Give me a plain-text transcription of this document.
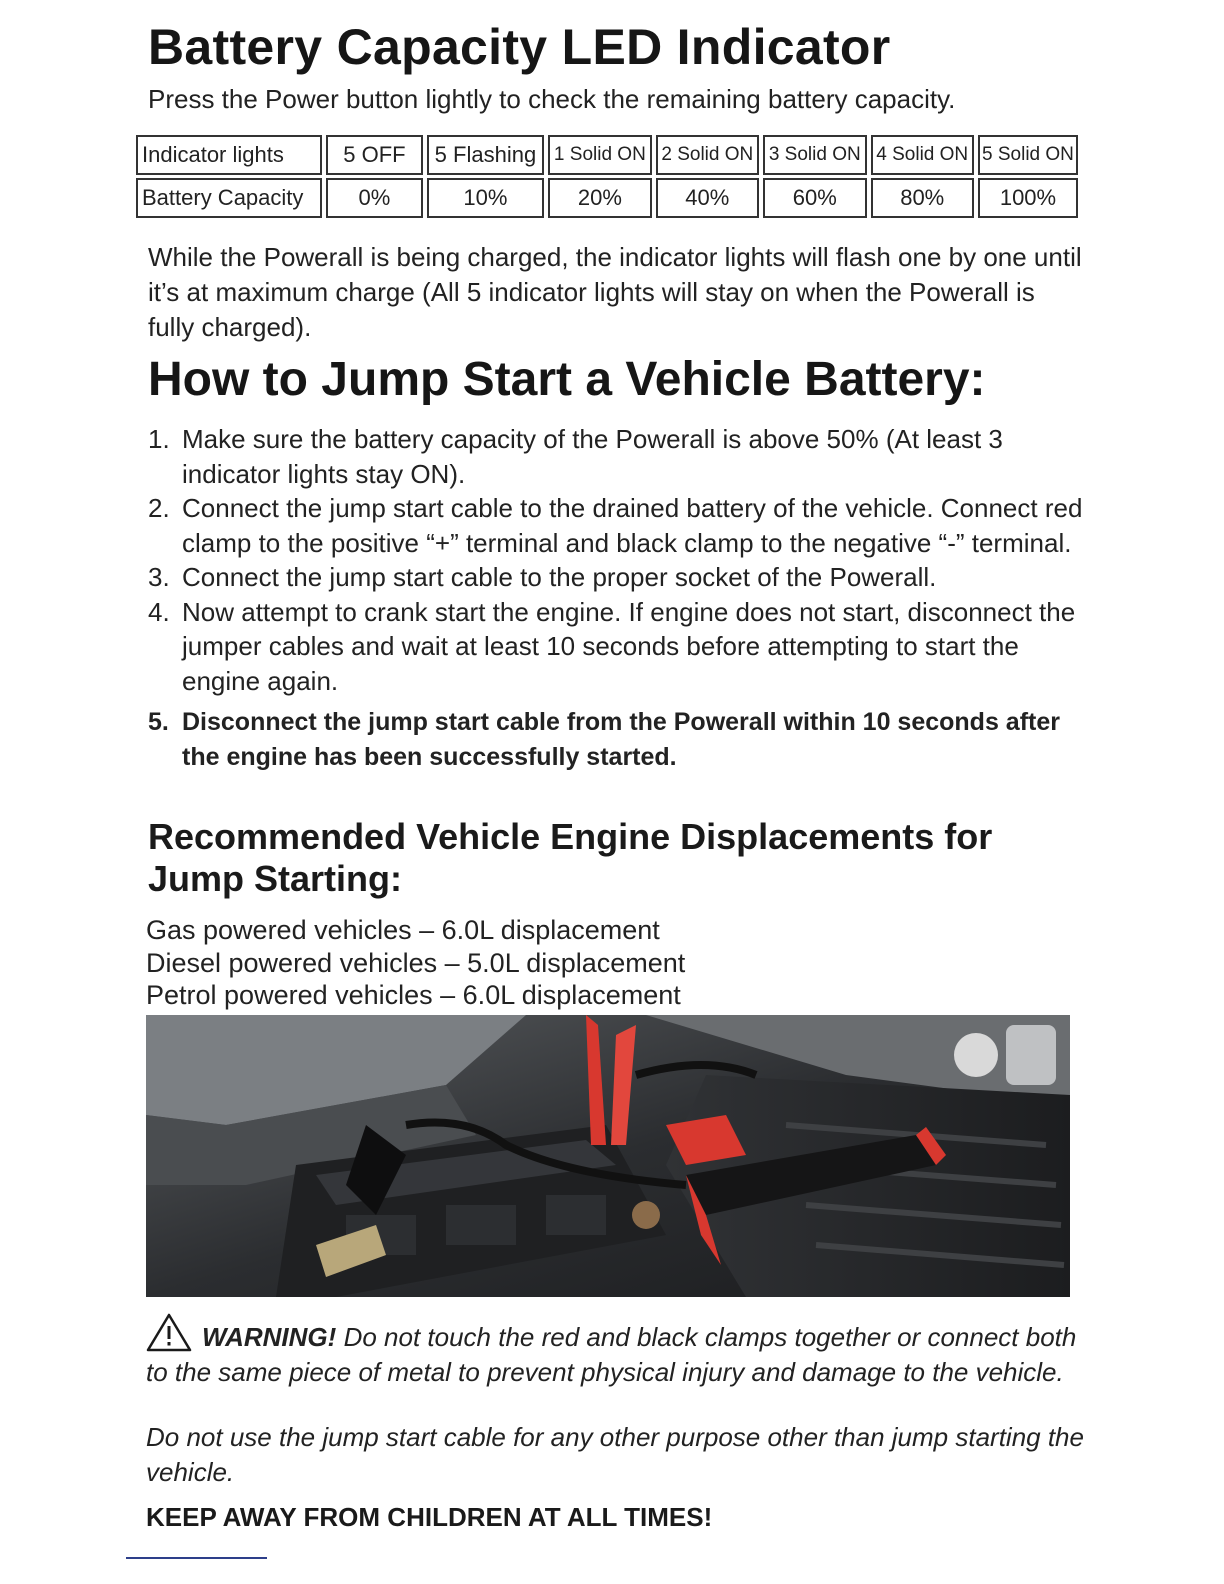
Battery Capacity LED Indicator

Press the Power button lightly to check the remaining battery capacity.

Indicator lights	5 OFF	5 Flashing	1 Solid ON	2 Solid ON	3 Solid ON	4 Solid ON	5 Solid ON
Battery Capacity	0%	10%	20%	40%	60%	80%	100%

While the Powerall is being charged, the indicator lights will flash one by one until it’s at maximum charge (All 5 indicator lights will stay on when the Powerall is fully charged).

How to Jump Start a Vehicle Battery:
1. Make sure the battery capacity of the Powerall is above 50% (At least 3 indicator lights stay ON).
2. Connect the jump start cable to the drained battery of the vehicle. Connect red clamp to the positive “+” terminal and black clamp to the negative “-” terminal.
3. Connect the jump start cable to the proper socket of the Powerall.
4. Now attempt to crank start the engine. If engine does not start, disconnect the jumper cables and wait at least 10 seconds before attempting to start the engine again.
5. Disconnect the jump start cable from the Powerall within 10 seconds after the engine has been successfully started.
Recommended Vehicle Engine Displacements for Jump Starting:
Gas powered vehicles – 6.0L displacement
Diesel powered vehicles – 5.0L displacement
Petrol powered vehicles – 6.0L displacement

WARNING! Do not touch the red and black clamps together or connect both to the same piece of metal to prevent physical injury and damage to the vehicle.

Do not use the jump start cable for any other purpose other than jump starting the vehicle.

KEEP AWAY FROM CHILDREN AT ALL TIMES!
